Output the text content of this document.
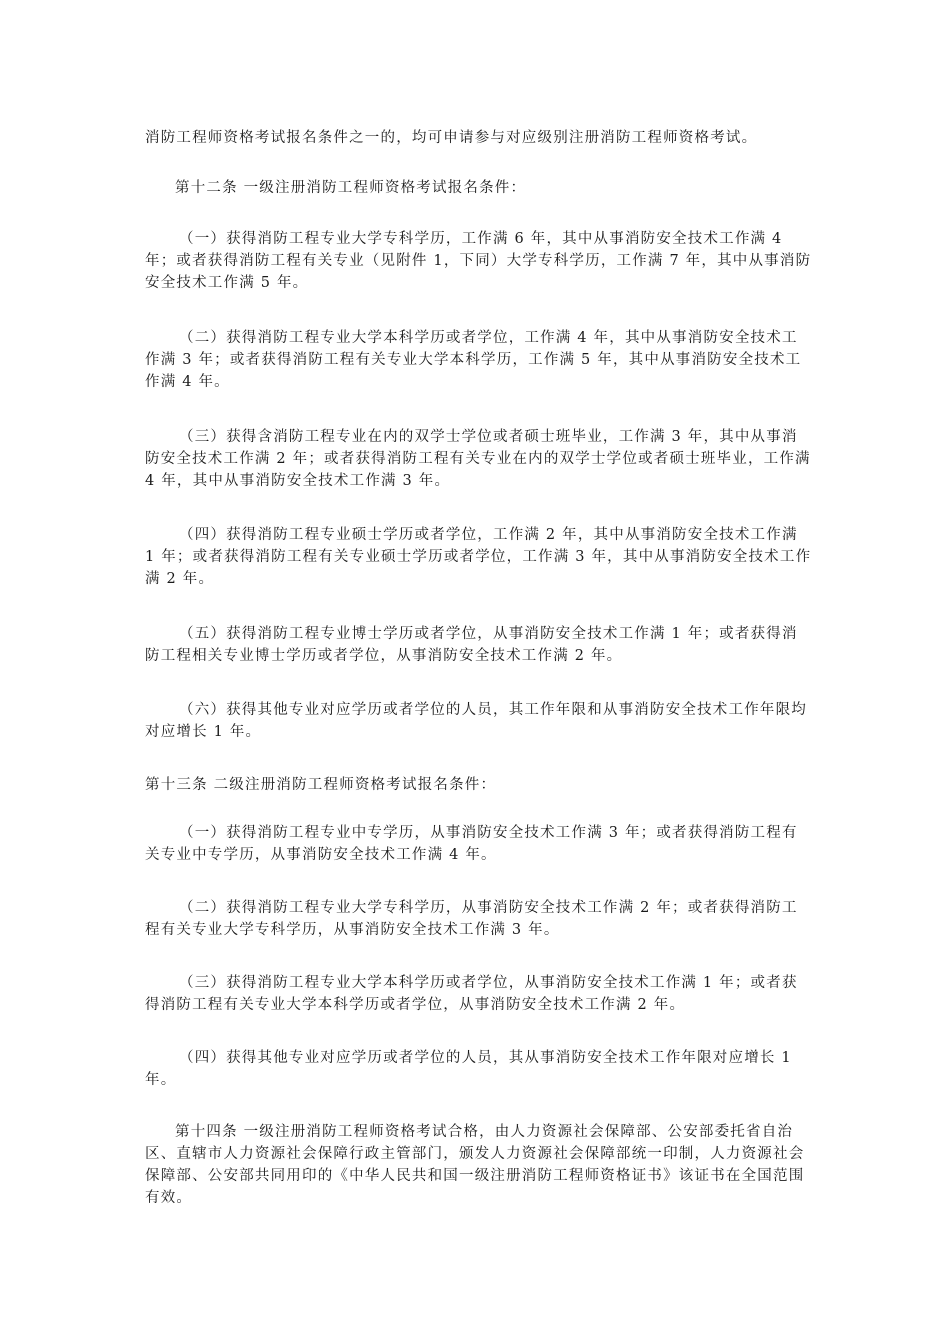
消防工程师资格考试报名条件之一的，均可申请参与对应级别注册消防工程师资格考试。

第十二条 一级注册消防工程师资格考试报名条件：

（一）获得消防工程专业大学专科学历，工作满 6 年，其中从事消防安全技术工作满 4 年；或者获得消防工程有关专业（见附件 1，下同）大学专科学历，工作满 7 年，其中从事消防安全技术工作满 5 年。

（二）获得消防工程专业大学本科学历或者学位，工作满 4 年，其中从事消防安全技术工作满 3 年；或者获得消防工程有关专业大学本科学历，工作满 5 年，其中从事消防安全技术工作满 4 年。

（三）获得含消防工程专业在内的双学士学位或者硕士班毕业，工作满 3 年，其中从事消防安全技术工作满 2 年；或者获得消防工程有关专业在内的双学士学位或者硕士班毕业，工作满 4 年，其中从事消防安全技术工作满 3 年。

（四）获得消防工程专业硕士学历或者学位，工作满 2 年，其中从事消防安全技术工作满 1 年；或者获得消防工程有关专业硕士学历或者学位，工作满 3 年，其中从事消防安全技术工作满 2 年。

（五）获得消防工程专业博士学历或者学位，从事消防安全技术工作满 1 年；或者获得消防工程相关专业博士学历或者学位，从事消防安全技术工作满 2 年。

（六）获得其他专业对应学历或者学位的人员，其工作年限和从事消防安全技术工作年限均对应增长 1 年。

第十三条 二级注册消防工程师资格考试报名条件：

（一）获得消防工程专业中专学历，从事消防安全技术工作满 3 年；或者获得消防工程有关专业中专学历，从事消防安全技术工作满 4 年。

（二）获得消防工程专业大学专科学历，从事消防安全技术工作满 2 年；或者获得消防工程有关专业大学专科学历，从事消防安全技术工作满 3 年。

（三）获得消防工程专业大学本科学历或者学位，从事消防安全技术工作满 1 年；或者获得消防工程有关专业大学本科学历或者学位，从事消防安全技术工作满 2 年。

（四）获得其他专业对应学历或者学位的人员，其从事消防安全技术工作年限对应增长 1 年。

第十四条 一级注册消防工程师资格考试合格，由人力资源社会保障部、公安部委托省自治区、直辖市人力资源社会保障行政主管部门，颁发人力资源社会保障部统一印制，人力资源社会保障部、公安部共同用印的《中华人民共和国一级注册消防工程师资格证书》该证书在全国范围有效。
